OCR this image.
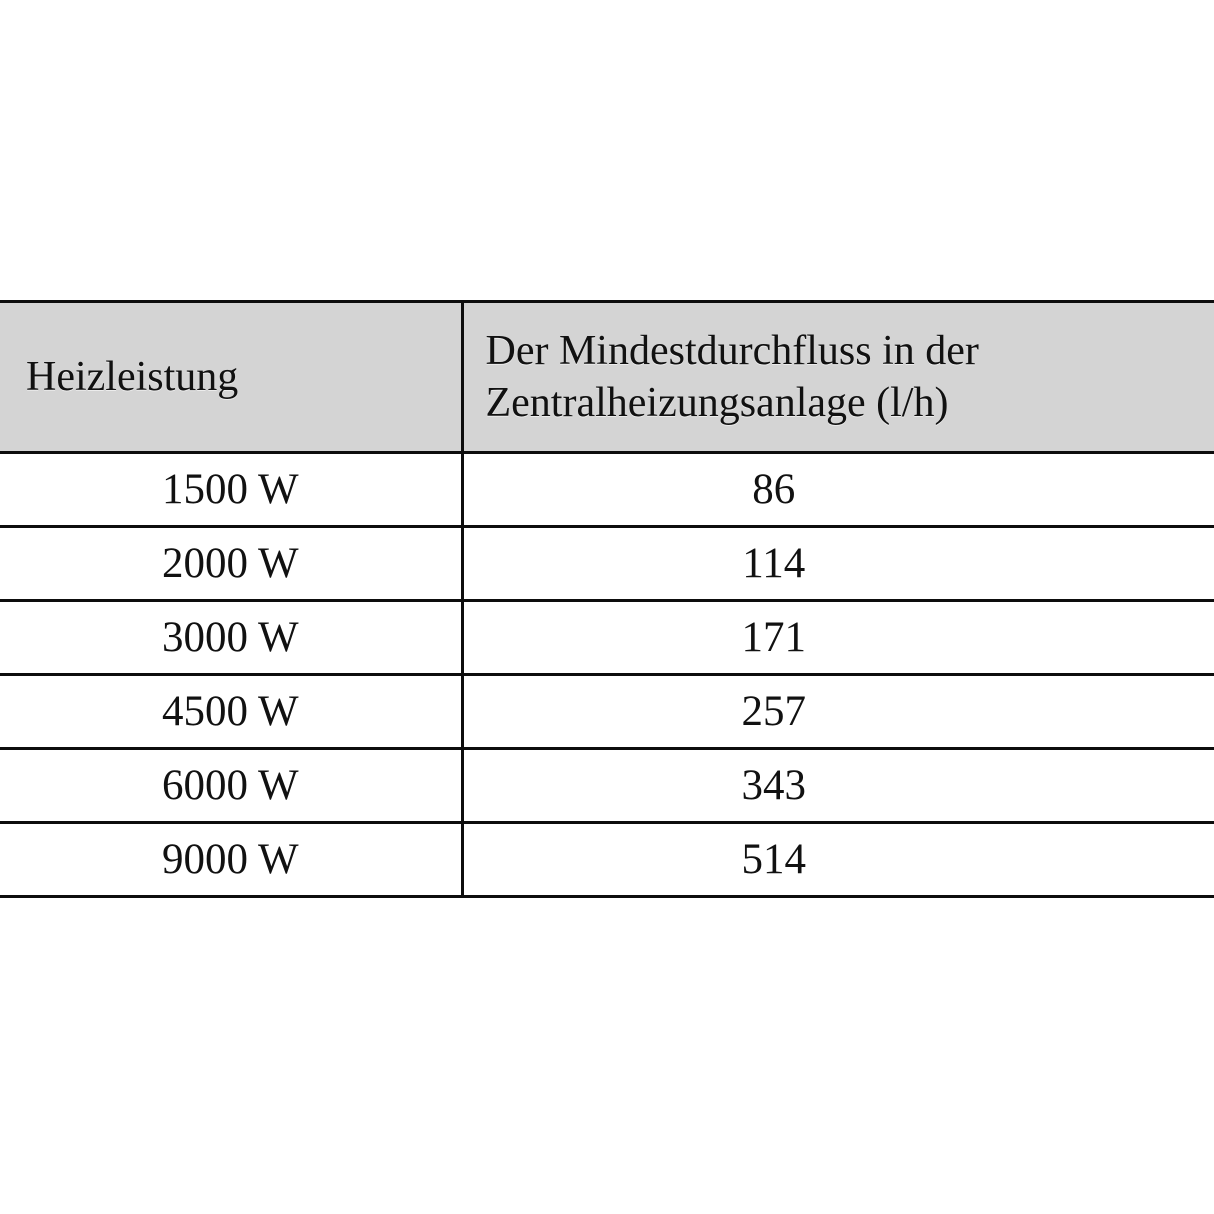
Heizleistung	Der Mindestdurchfluss in der Zentralheizungsanlage (l/h)

1500 W	86

2000 W	114

3000 W	171

4500 W	257

6000 W	343

9000 W	514
